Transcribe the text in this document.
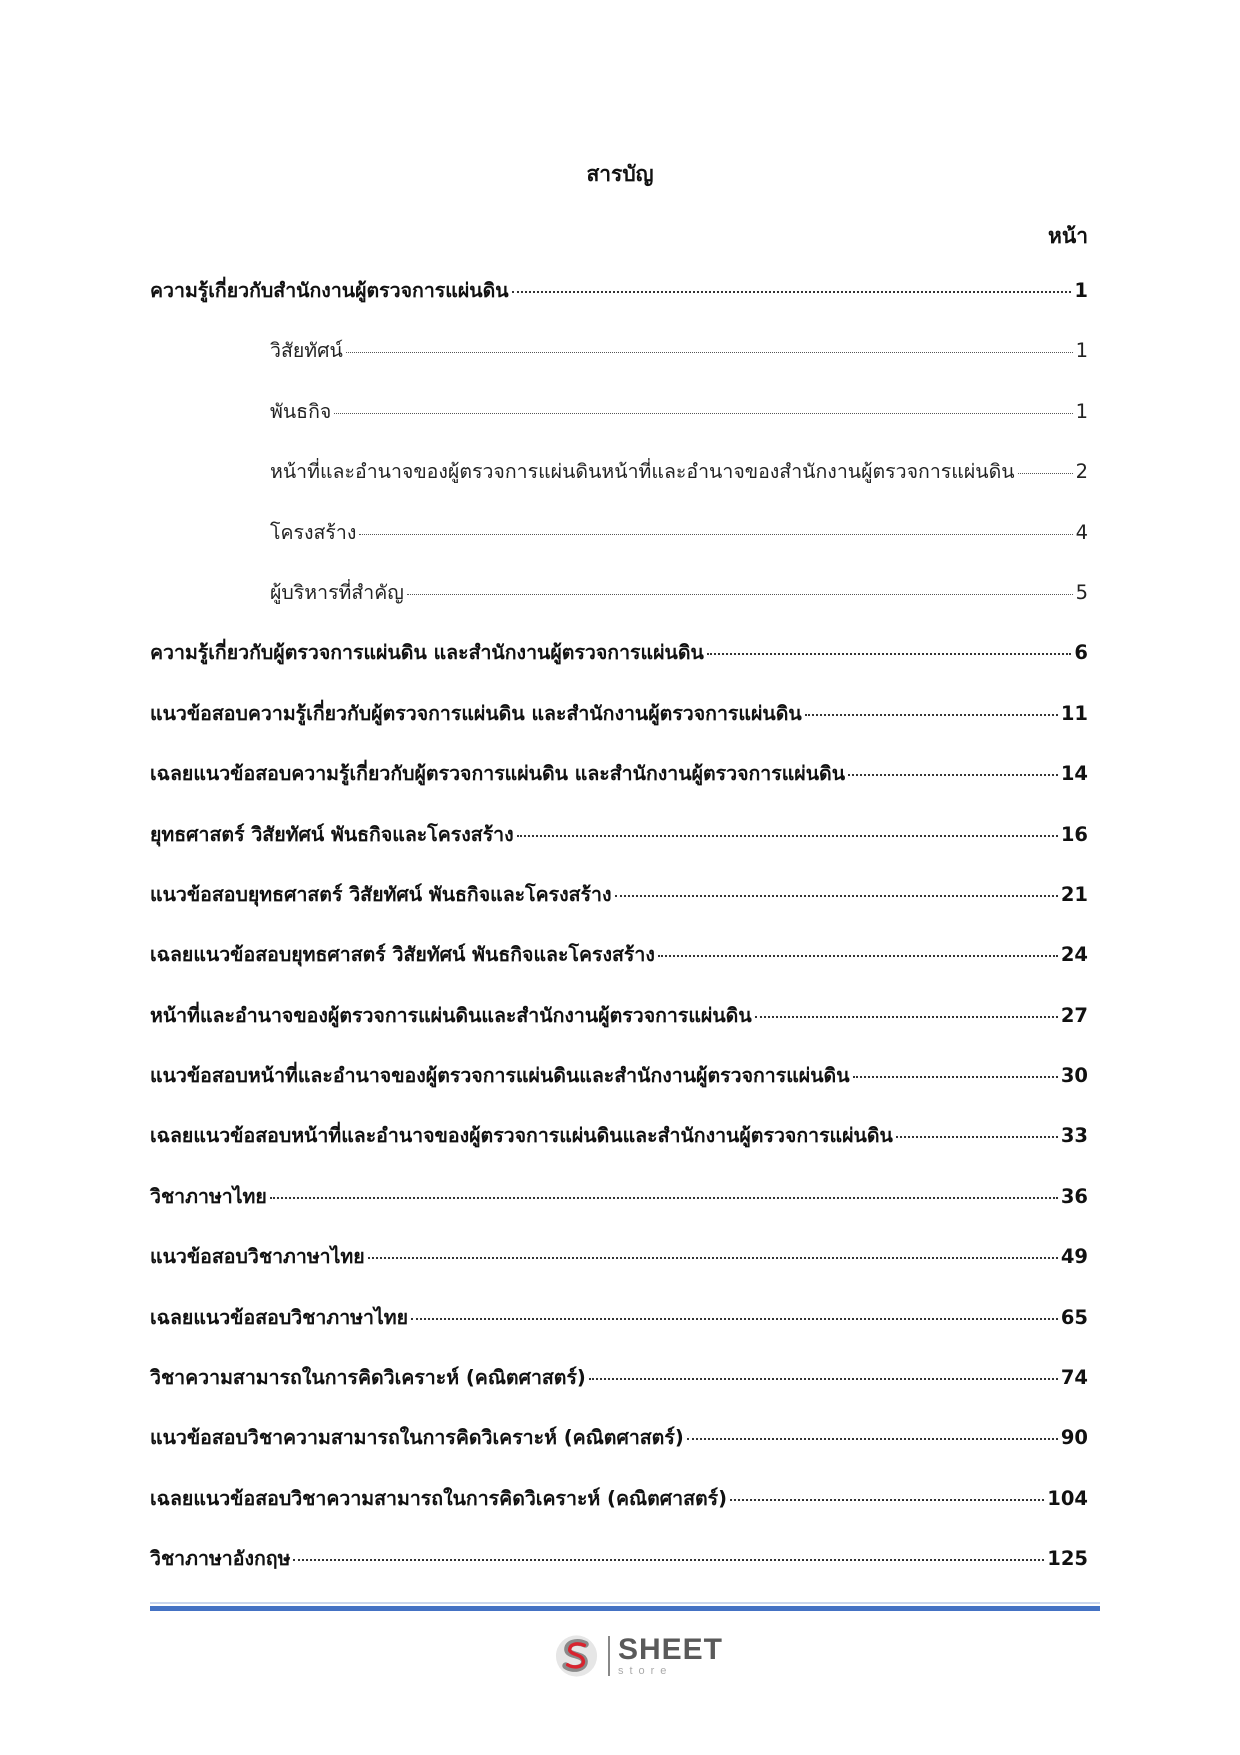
สารบัญ
หน้า
ความรู้เกี่ยวกับสำนักงานผู้ตรวจการแผ่นดิน	1
วิสัยทัศน์	1
พันธกิจ	1
หน้าที่และอำนาจของผู้ตรวจการแผ่นดินหน้าที่และอำนาจของสำนักงานผู้ตรวจการแผ่นดิน	2
โครงสร้าง	4
ผู้บริหารที่สำคัญ	5
ความรู้เกี่ยวกับผู้ตรวจการแผ่นดิน และสำนักงานผู้ตรวจการแผ่นดิน	6
แนวข้อสอบความรู้เกี่ยวกับผู้ตรวจการแผ่นดิน และสำนักงานผู้ตรวจการแผ่นดิน	11
เฉลยแนวข้อสอบความรู้เกี่ยวกับผู้ตรวจการแผ่นดิน และสำนักงานผู้ตรวจการแผ่นดิน	14
ยุทธศาสตร์ วิสัยทัศน์ พันธกิจและโครงสร้าง	16
แนวข้อสอบยุทธศาสตร์ วิสัยทัศน์ พันธกิจและโครงสร้าง	21
เฉลยแนวข้อสอบยุทธศาสตร์ วิสัยทัศน์ พันธกิจและโครงสร้าง	24
หน้าที่และอำนาจของผู้ตรวจการแผ่นดินและสำนักงานผู้ตรวจการแผ่นดิน	27
แนวข้อสอบหน้าที่และอำนาจของผู้ตรวจการแผ่นดินและสำนักงานผู้ตรวจการแผ่นดิน	30
เฉลยแนวข้อสอบหน้าที่และอำนาจของผู้ตรวจการแผ่นดินและสำนักงานผู้ตรวจการแผ่นดิน	33
วิชาภาษาไทย	36
แนวข้อสอบวิชาภาษาไทย	49
เฉลยแนวข้อสอบวิชาภาษาไทย	65
วิชาความสามารถในการคิดวิเคราะห์ (คณิตศาสตร์)	74
แนวข้อสอบวิชาความสามารถในการคิดวิเคราะห์ (คณิตศาสตร์)	90
เฉลยแนวข้อสอบวิชาความสามารถในการคิดวิเคราะห์ (คณิตศาสตร์)	104
วิชาภาษาอังกฤษ	125
SHEET
store
